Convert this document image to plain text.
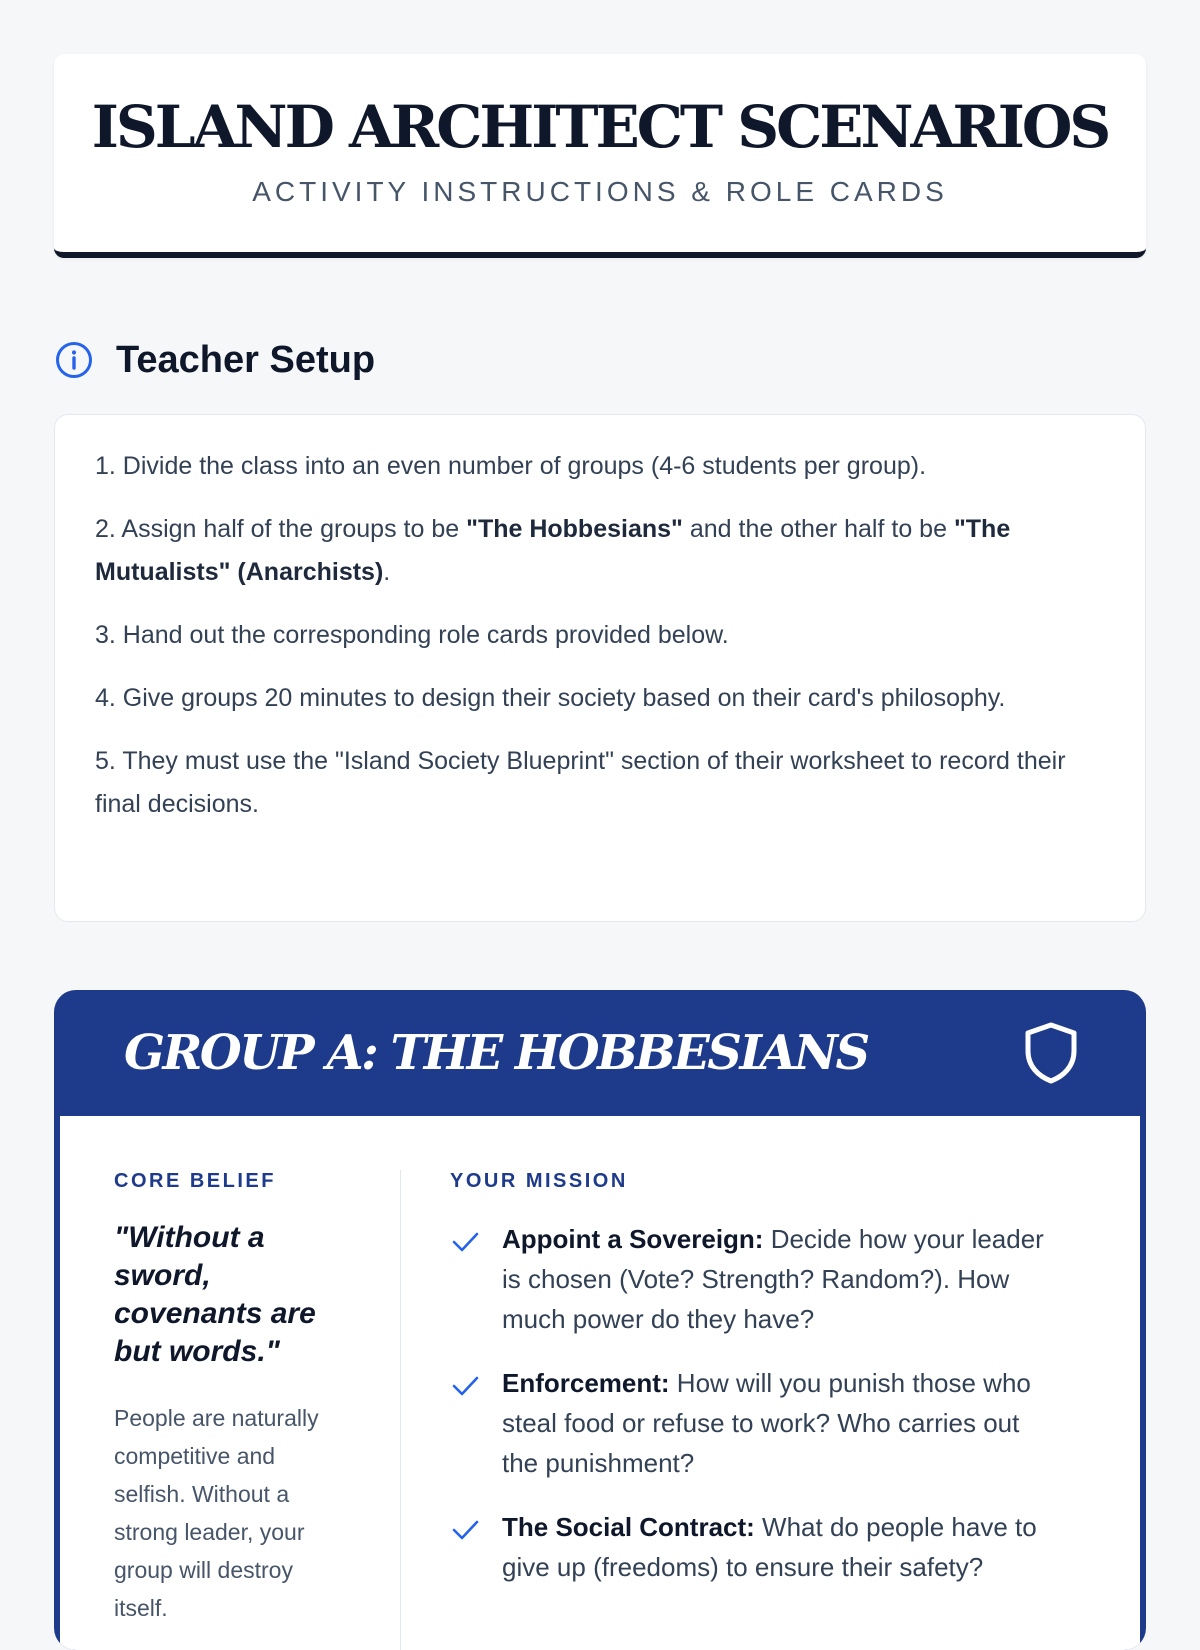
ISLAND ARCHITECT SCENARIOS
ACTIVITY INSTRUCTIONS & ROLE CARDS
Teacher Setup

1. Divide the class into an even number of groups (4-6 students per group).

2. Assign half of the groups to be "The Hobbesians" and the other half to be "The Mutualists" (Anarchists).

3. Hand out the corresponding role cards provided below.

4. Give groups 20 minutes to design their society based on their card's philosophy.

5. They must use the "Island Society Blueprint" section of their worksheet to record their final decisions.

GROUP A: THE HOBBESIANS
CORE BELIEF
"Without a sword, covenants are but words."
People are naturally competitive and selfish. Without a strong leader, your group will destroy itself.
YOUR MISSION
Appoint a Sovereign: Decide how your leader is chosen (Vote? Strength? Random?). How much power do they have?
Enforcement: How will you punish those who steal food or refuse to work? Who carries out the punishment?
The Social Contract: What do people have to give up (freedoms) to ensure their safety?
